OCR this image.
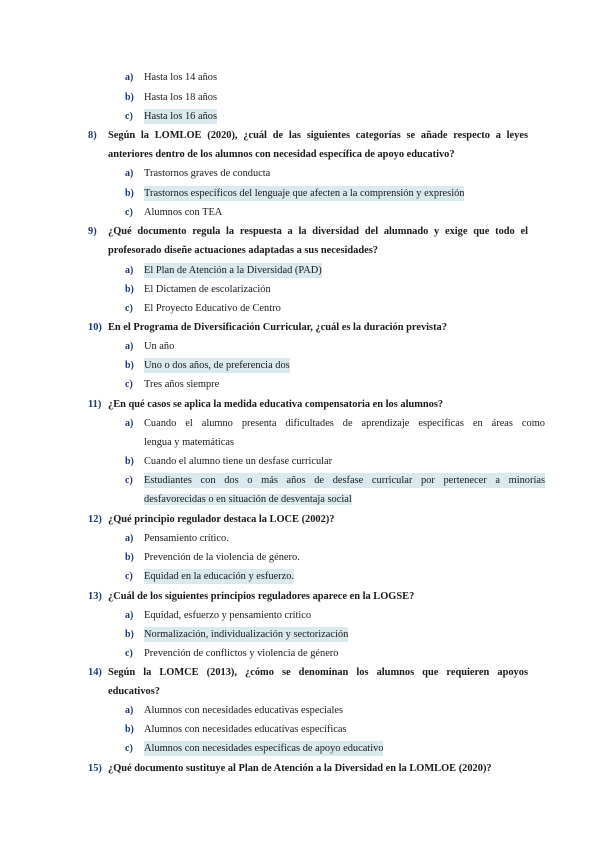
a)	Hasta los 14 años
b) Hasta los 18 años
c)	Hasta los 16 años
8)	Según la LOMLOE (2020), ¿cuál de las siguientes categorías se añade respecto a leyes
anteriores dentro de los alumnos con necesidad específica de apoyo educativo?
a)	Trastornos graves de conducta
b) Trastornos específicos del lenguaje que afecten a la comprensión y expresión
c)	Alumnos con TEA
9)	¿Qué documento regula la respuesta a la diversidad del alumnado y exige que todo el
profesorado diseñe actuaciones adaptadas a sus necesidades?
a)	El Plan de Atención a la Diversidad (PAD)
b) El Dictamen de escolarización
c)	El Proyecto Educativo de Centro
10) En el Programa de Diversificación Curricular, ¿cuál es la duración prevista?
a)	Un año
b) Uno o dos años, de preferencia dos
c)	Tres años siempre
11) ¿En qué casos se aplica la medida educativa compensatoria en los alumnos?
a)	Cuando el alumno presenta dificultades de aprendizaje específicas en áreas como
lengua y matemáticas
b) Cuando el alumno tiene un desfase curricular
c)	Estudiantes con dos o más años de desfase curricular por pertenecer a minorías
desfavorecidas o en situación de desventaja social
12) ¿Qué principio regulador destaca la LOCE (2002)?
a)	Pensamiento crítico.
b) Prevención de la violencia de género.
c)	Equidad en la educación y esfuerzo.
13) ¿Cuál de los siguientes principios reguladores aparece en la LOGSE?
a)	Equidad, esfuerzo y pensamiento crítico
b) Normalización, individualización y sectorización
c)	Prevención de conflictos y violencia de género
14) Según la LOMCE (2013), ¿cómo se denominan los alumnos que requieren apoyos
educativos?
a)	Alumnos con necesidades educativas especiales
b) Alumnos con necesidades educativas específicas
c)	Alumnos con necesidades específicas de apoyo educativo
15) ¿Qué documento sustituye al Plan de Atención a la Diversidad en la LOMLOE (2020)?
